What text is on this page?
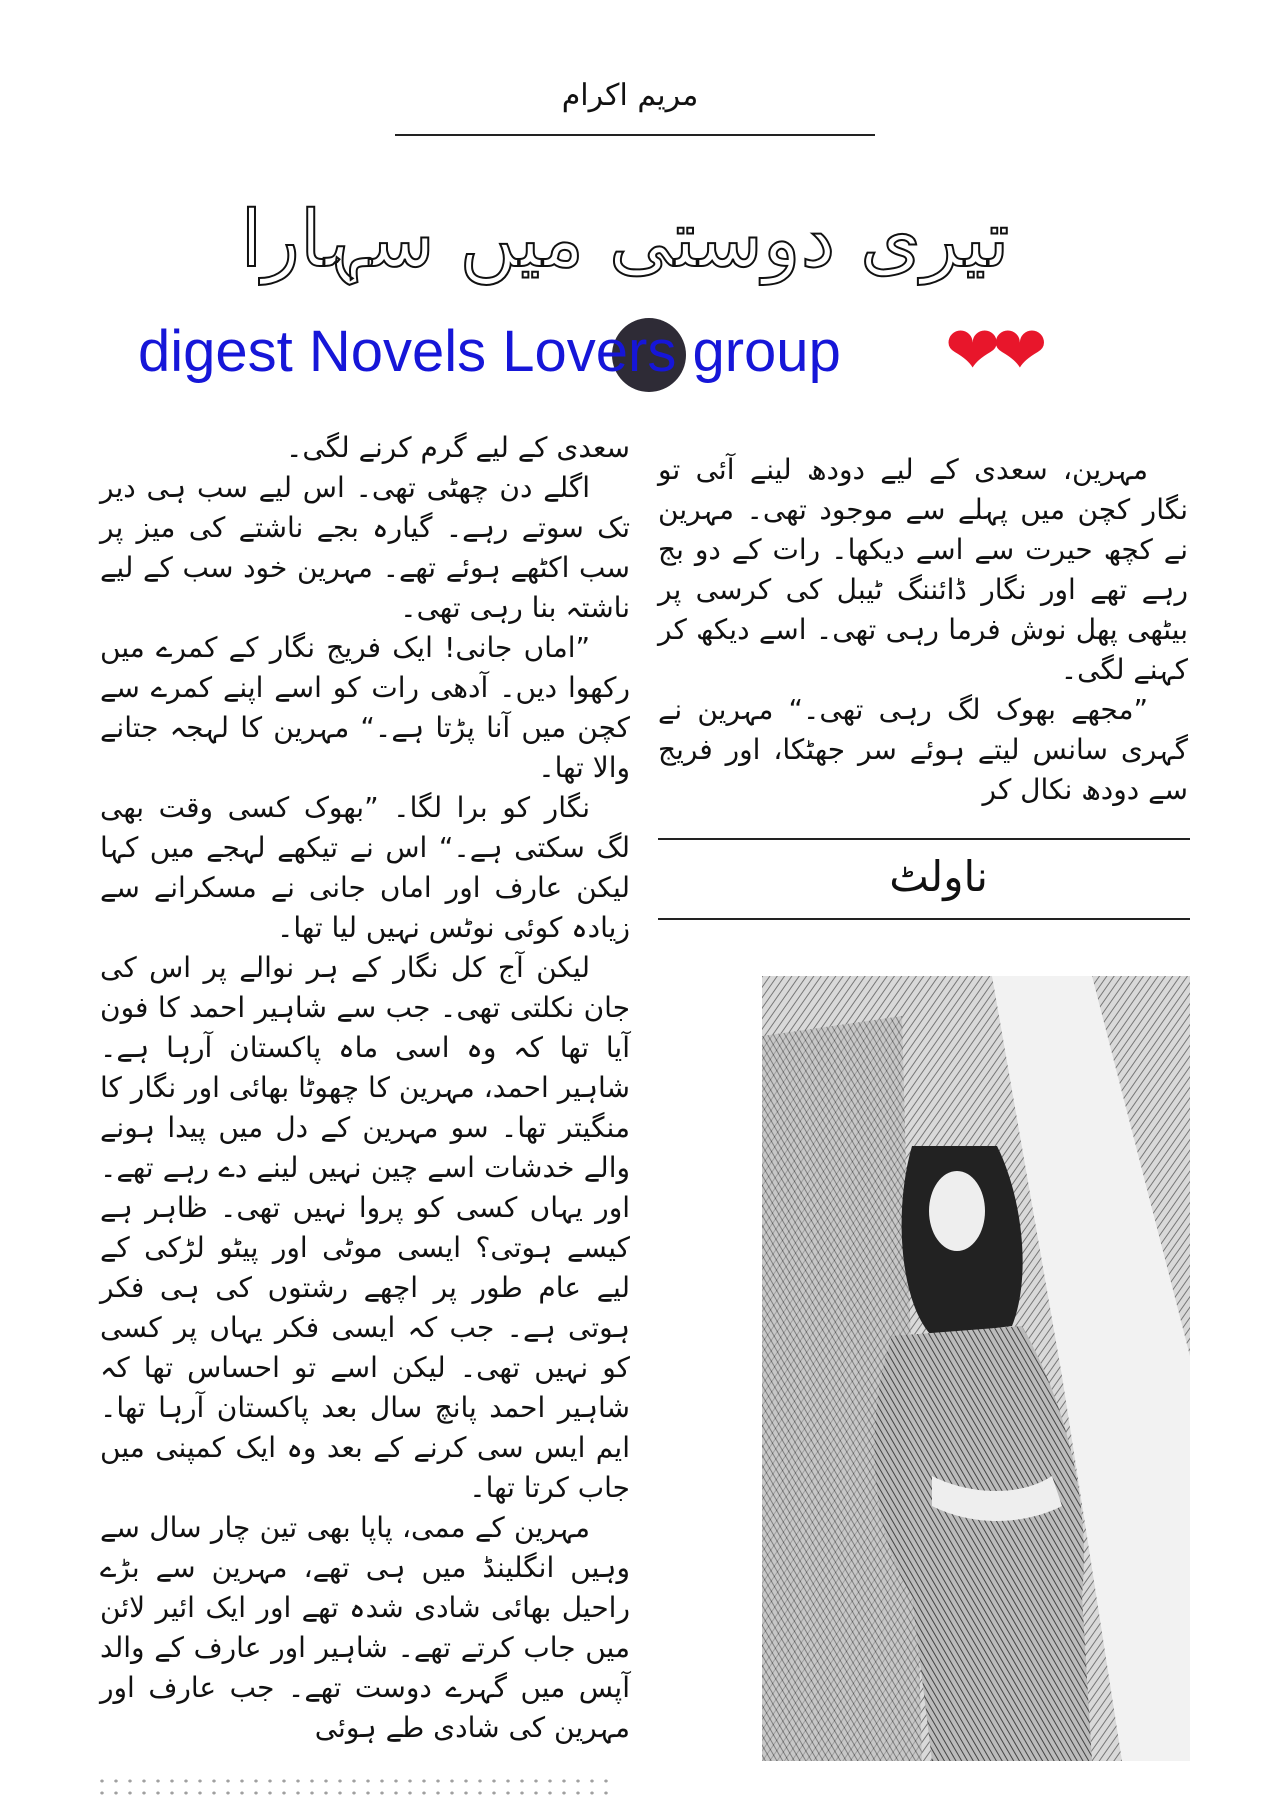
مریم اکرام
تیری دوستی میں سہارا
digest Novels Lovers group ❤❤

مہرین، سعدی کے لیے دودھ لینے آئی تو نگار کچن میں پہلے سے موجود تھی۔ مہرین نے کچھ حیرت سے اسے دیکھا۔ رات کے دو بج رہے تھے اور نگار ڈائننگ ٹیبل کی کرسی پر بیٹھی پھل نوش فرما رہی تھی۔ اسے دیکھ کر کہنے لگی۔

”مجھے بھوک لگ رہی تھی۔“ مہرین نے گہری سانس لیتے ہوئے سر جھٹکا، اور فریج سے دودھ نکال کر

ناولٹ

سعدی کے لیے گرم کرنے لگی۔

اگلے دن چھٹی تھی۔ اس لیے سب ہی دیر تک سوتے رہے۔ گیارہ بجے ناشتے کی میز پر سب اکٹھے ہوئے تھے۔ مہرین خود سب کے لیے ناشتہ بنا رہی تھی۔

”اماں جانی! ایک فریج نگار کے کمرے میں رکھوا دیں۔ آدھی رات کو اسے اپنے کمرے سے کچن میں آنا پڑتا ہے۔“ مہرین کا لہجہ جتانے والا تھا۔

نگار کو برا لگا۔ ”بھوک کسی وقت بھی لگ سکتی ہے۔“ اس نے تیکھے لہجے میں کہا لیکن عارف اور اماں جانی نے مسکرانے سے زیادہ کوئی نوٹس نہیں لیا تھا۔

لیکن آج کل نگار کے ہر نوالے پر اس کی جان نکلتی تھی۔ جب سے شاہیر احمد کا فون آیا تھا کہ وہ اسی ماہ پاکستان آرہا ہے۔ شاہیر احمد، مہرین کا چھوٹا بھائی اور نگار کا منگیتر تھا۔ سو مہرین کے دل میں پیدا ہونے والے خدشات اسے چین نہیں لینے دے رہے تھے۔ اور یہاں کسی کو پروا نہیں تھی۔ ظاہر ہے کیسے ہوتی؟ ایسی موٹی اور پیٹو لڑکی کے لیے عام طور پر اچھے رشتوں کی ہی فکر ہوتی ہے۔ جب کہ ایسی فکر یہاں پر کسی کو نہیں تھی۔ لیکن اسے تو احساس تھا کہ شاہیر احمد پانچ سال بعد پاکستان آرہا تھا۔ ایم ایس سی کرنے کے بعد وہ ایک کمپنی میں جاب کرتا تھا۔

مہرین کے ممی، پاپا بھی تین چار سال سے وہیں انگلینڈ میں ہی تھے، مہرین سے بڑے راحیل بھائی شادی شدہ تھے اور ایک ائیر لائن میں جاب کرتے تھے۔ شاہیر اور عارف کے والد آپس میں گہرے دوست تھے۔ جب عارف اور مہرین کی شادی طے ہوئی
